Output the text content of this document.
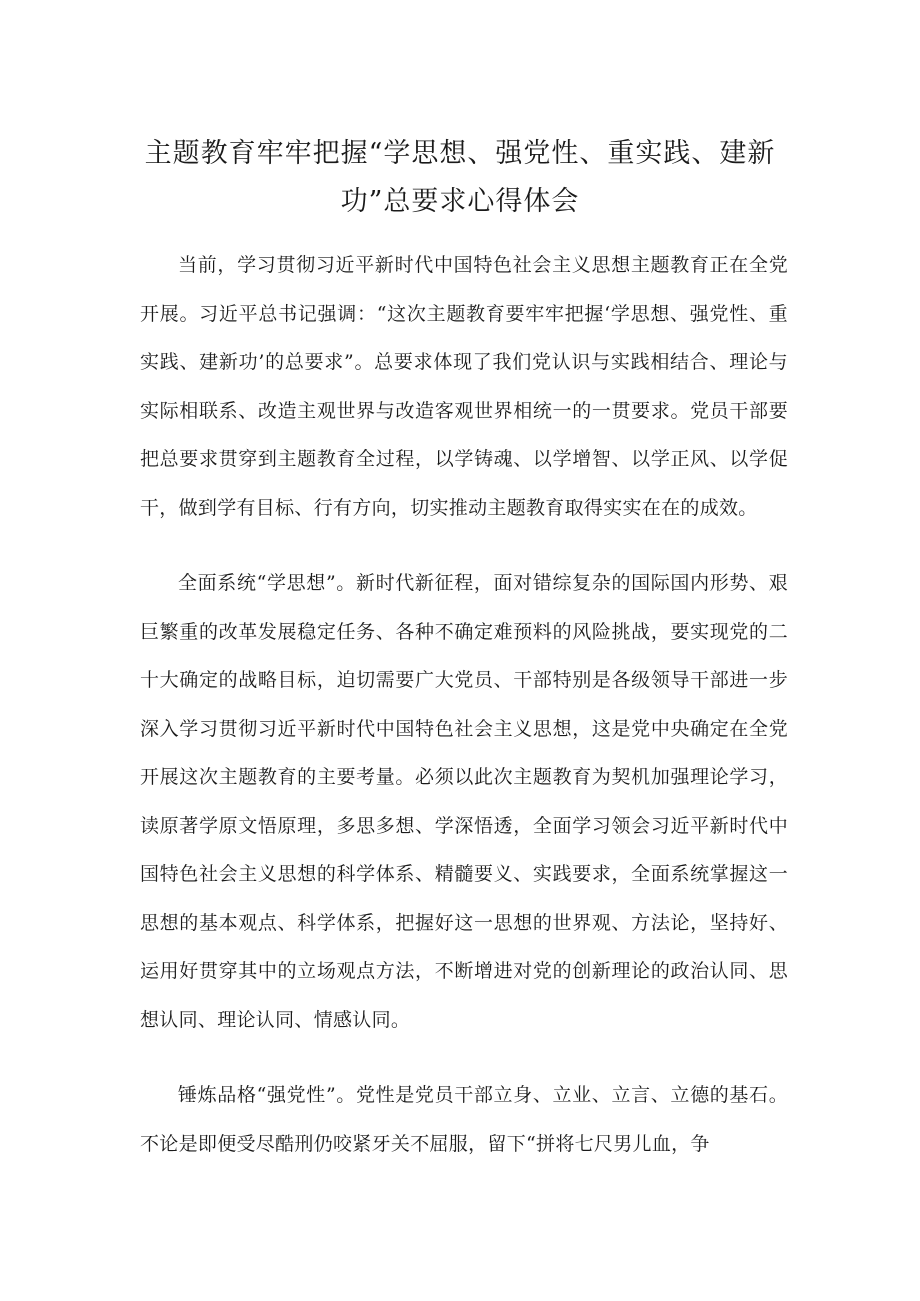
主题教育牢牢把握“学思想、强党性、重实践、建新功”总要求心得体会

当前，学习贯彻习近平新时代中国特色社会主义思想主题教育正在全党开展。习近平总书记强调：“这次主题教育要牢牢把握‘学思想、强党性、重实践、建新功’的总要求”。总要求体现了我们党认识与实践相结合、理论与实际相联系、改造主观世界与改造客观世界相统一的一贯要求。党员干部要把总要求贯穿到主题教育全过程，以学铸魂、以学增智、以学正风、以学促干，做到学有目标、行有方向，切实推动主题教育取得实实在在的成效。

全面系统“学思想”。新时代新征程，面对错综复杂的国际国内形势、艰巨繁重的改革发展稳定任务、各种不确定难预料的风险挑战，要实现党的二十大确定的战略目标，迫切需要广大党员、干部特别是各级领导干部进一步深入学习贯彻习近平新时代中国特色社会主义思想，这是党中央确定在全党开展这次主题教育的主要考量。必须以此次主题教育为契机加强理论学习，读原著学原文悟原理，多思多想、学深悟透，全面学习领会习近平新时代中国特色社会主义思想的科学体系、精髓要义、实践要求，全面系统掌握这一思想的基本观点、科学体系，把握好这一思想的世界观、方法论，坚持好、运用好贯穿其中的立场观点方法，不断增进对党的创新理论的政治认同、思想认同、理论认同、情感认同。

锤炼品格“强党性”。党性是党员干部立身、立业、立言、立德的基石。不论是即便受尽酷刑仍咬紧牙关不屈服，留下“拼将七尺男儿血，争
